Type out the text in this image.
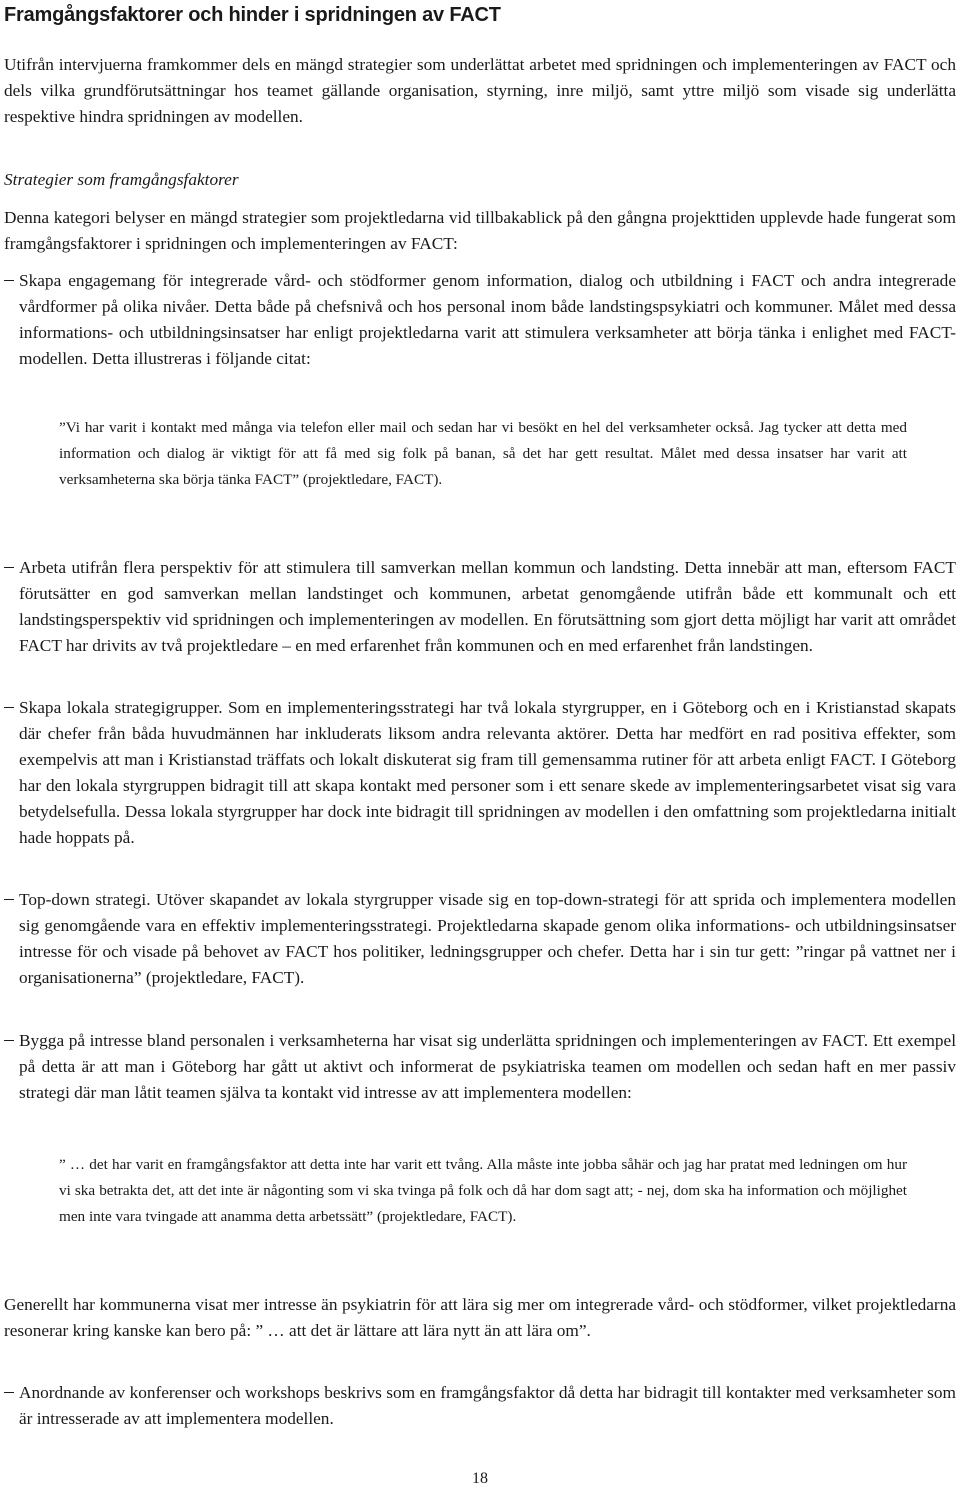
Framgångsfaktorer och hinder i spridningen av FACT

Utifrån intervjuerna framkommer dels en mängd strategier som underlättat arbetet med spridningen och implementeringen av FACT och dels vilka grundförutsättningar hos teamet gällande organisation, styrning, inre miljö, samt yttre miljö som visade sig underlätta respektive hindra spridningen av modellen.

Strategier som framgångsfaktorer

Denna kategori belyser en mängd strategier som projektledarna vid tillbakablick på den gångna projekttiden upplevde hade fungerat som framgångsfaktorer i spridningen och implementeringen av FACT:

Skapa engagemang för integrerade vård- och stödformer genom information, dialog och utbildning i FACT och andra integrerade vårdformer på olika nivåer. Detta både på chefsnivå och hos personal inom både landstingspsykiatri och kommuner. Målet med dessa informations- och utbildningsinsatser har enligt projektledarna varit att stimulera verksamheter att börja tänka i enlighet med FACT-modellen. Detta illustreras i följande citat:
”Vi har varit i kontakt med många via telefon eller mail och sedan har vi besökt en hel del verksamheter också. Jag tycker att detta med information och dialog är viktigt för att få med sig folk på banan, så det har gett resultat. Målet med dessa insatser har varit att verksamheterna ska börja tänka FACT” (projektledare, FACT).
Arbeta utifrån flera perspektiv för att stimulera till samverkan mellan kommun och landsting. Detta innebär att man, eftersom FACT förutsätter en god samverkan mellan landstinget och kommunen, arbetat genomgående utifrån både ett kommunalt och ett landstingsperspektiv vid spridningen och implementeringen av modellen. En förutsättning som gjort detta möjligt har varit att området FACT har drivits av två projektledare – en med erfarenhet från kommunen och en med erfarenhet från landstingen.
Skapa lokala strategigrupper. Som en implementeringsstrategi har två lokala styrgrupper, en i Göteborg och en i Kristianstad skapats där chefer från båda huvudmännen har inkluderats liksom andra relevanta aktörer. Detta har medfört en rad positiva effekter, som exempelvis att man i Kristianstad träffats och lokalt diskuterat sig fram till gemensamma rutiner för att arbeta enligt FACT. I Göteborg har den lokala styrgruppen bidragit till att skapa kontakt med personer som i ett senare skede av implementeringsarbetet visat sig vara betydelsefulla. Dessa lokala styrgrupper har dock inte bidragit till spridningen av modellen i den omfattning som projektledarna initialt hade hoppats på.
Top-down strategi. Utöver skapandet av lokala styrgrupper visade sig en top-down-strategi för att sprida och implementera modellen sig genomgående vara en effektiv implementeringsstrategi. Projektledarna skapade genom olika informations- och utbildningsinsatser intresse för och visade på behovet av FACT hos politiker, ledningsgrupper och chefer. Detta har i sin tur gett: ”ringar på vattnet ner i organisationerna” (projektledare, FACT).
Bygga på intresse bland personalen i verksamheterna har visat sig underlätta spridningen och implementeringen av FACT. Ett exempel på detta är att man i Göteborg har gått ut aktivt och informerat de psykiatriska teamen om modellen och sedan haft en mer passiv strategi där man låtit teamen själva ta kontakt vid intresse av att implementera modellen:
” … det har varit en framgångsfaktor att detta inte har varit ett tvång. Alla måste inte jobba såhär och jag har pratat med ledningen om hur vi ska betrakta det, att det inte är någonting som vi ska tvinga på folk och då har dom sagt att; - nej, dom ska ha information och möjlighet men inte vara tvingade att anamma detta arbetssätt” (projektledare, FACT).

Generellt har kommunerna visat mer intresse än psykiatrin för att lära sig mer om integrerade vård- och stödformer, vilket projektledarna resonerar kring kanske kan bero på: ” … att det är lättare att lära nytt än att lära om”.

Anordnande av konferenser och workshops beskrivs som en framgångsfaktor då detta har bidragit till kontakter med verksamheter som är intresserade av att implementera modellen.
18
